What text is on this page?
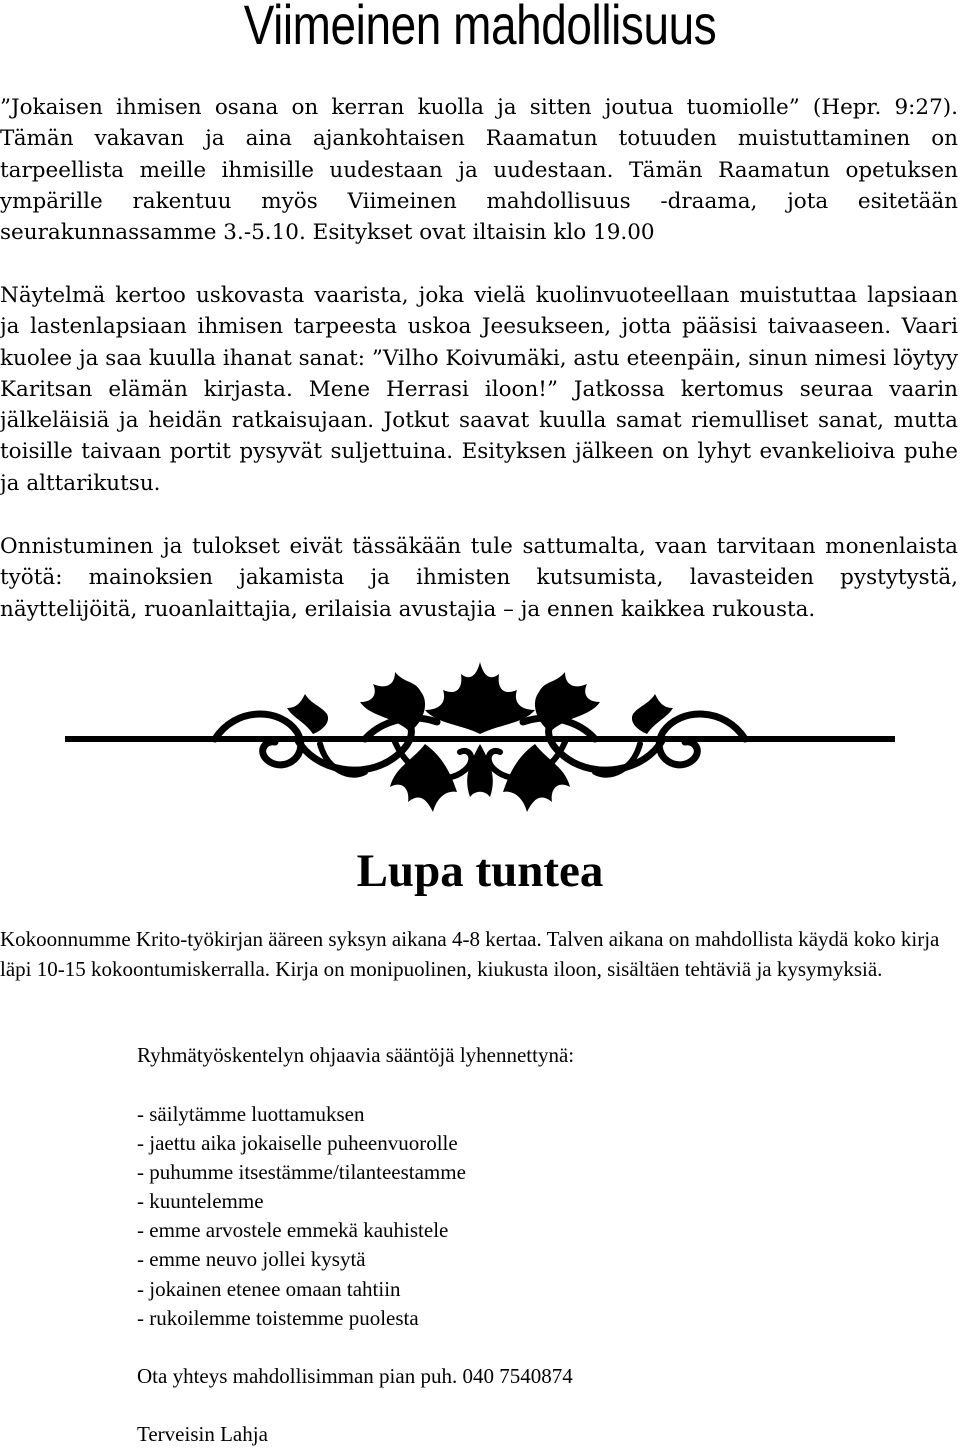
Viimeinen mahdollisuus

”Jokaisen ihmisen osana on kerran kuolla ja sitten joutua tuomiolle” (Hepr. 9:27). Tämän vakavan ja aina ajankohtaisen Raamatun totuuden muistuttaminen on tarpeellista meille ihmisille uudestaan ja uudestaan. Tämän Raamatun opetuksen ympärille rakentuu myös Viimeinen mahdollisuus -draama, jota esitetään seurakunnassamme 3.-5.10. Esitykset ovat iltaisin klo 19.00

Näytelmä kertoo uskovasta vaarista, joka vielä kuolinvuoteellaan muistuttaa lapsiaan ja lastenlapsiaan ihmisen tarpeesta uskoa Jeesukseen, jotta pääsisi taivaaseen. Vaari kuolee ja saa kuulla ihanat sanat: ”Vilho Koivumäki, astu eteenpäin, sinun nimesi löytyy Karitsan elämän kirjasta. Mene Herrasi iloon!” Jatkossa kertomus seuraa vaarin jälkeläisiä ja heidän ratkaisujaan. Jotkut saavat kuulla samat riemulliset sanat, mutta toisille taivaan portit pysyvät suljettuina. Esityksen jälkeen on lyhyt evankelioiva puhe ja alttarikutsu.

Onnistuminen ja tulokset eivät tässäkään tule sattumalta, vaan tarvitaan monenlaista työtä: mainoksien jakamista ja ihmisten kutsumista, lavasteiden pystytystä, näyttelijöitä, ruoanlaittajia, erilaisia avustajia – ja ennen kaikkea rukousta.

Lupa tuntea

Kokoonnumme Krito-työkirjan ääreen syksyn aikana 4-8 kertaa. Talven aikana on mahdollista käydä koko kirja läpi 10-15 kokoontumiskerralla. Kirja on monipuolinen, kiukusta iloon, sisältäen tehtäviä ja kysymyksiä.

Ryhmätyöskentelyn ohjaavia sääntöjä lyhennettynä:

- säilytämme luottamuksen
- jaettu aika jokaiselle puheenvuorolle
- puhumme itsestämme/tilanteestamme
- kuuntelemme
- emme arvostele emmekä kauhistele
- emme neuvo jollei kysytä
- jokainen etenee omaan tahtiin
- rukoilemme toistemme puolesta

Ota yhteys mahdollisimman pian puh. 040 7540874

Terveisin Lahja
